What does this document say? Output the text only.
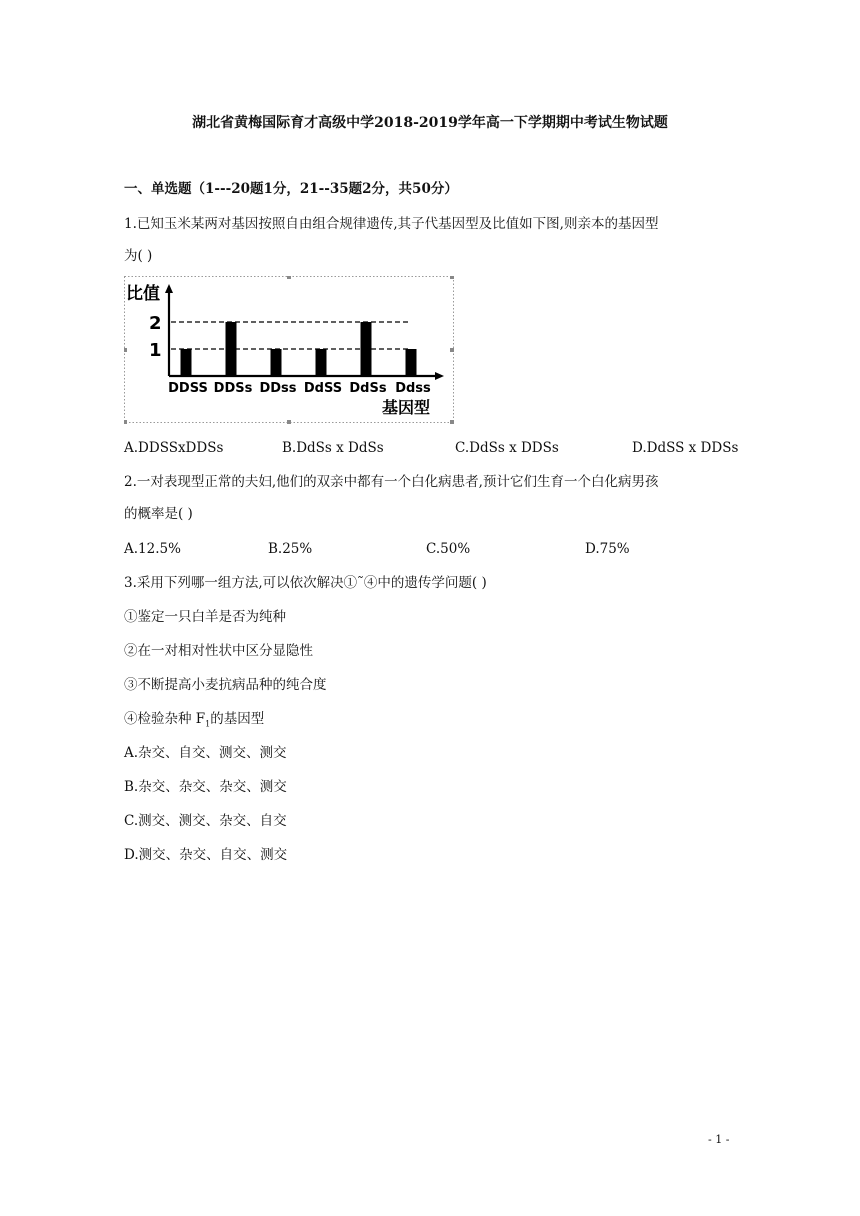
湖北省黄梅国际育才高级中学2018-2019学年高一下学期期中考试生物试题
一、单选题（1---20题1分，21--35题2分，共50分）
1.已知玉米某两对基因按照自由组合规律遗传,其子代基因型及比值如下图,则亲本的基因型
为( )
1
2
DDSS DDSs DDss DdSS DdSs Ddss
比值
基因型
A.DDSSxDDSs	B.DdSs x DdSs	C.DdSs x DDSs	D.DdSS x DDSs
2.一对表现型正常的夫妇,他们的双亲中都有一个白化病患者,预计它们生育一个白化病男孩
的概率是( )
A.12.5%	B.25%	C.50%	D.75%
3.采用下列哪一组方法,可以依次解决①˜④中的遗传学问题( )
①鉴定一只白羊是否为纯种
②在一对相对性状中区分显隐性
③不断提高小麦抗病品种的纯合度
④检验杂种 $F_1$的基因型
A.杂交、自交、测交、测交
B.杂交、杂交、杂交、测交
C.测交、测交、杂交、自交
D.测交、杂交、自交、测交
- 1 -
